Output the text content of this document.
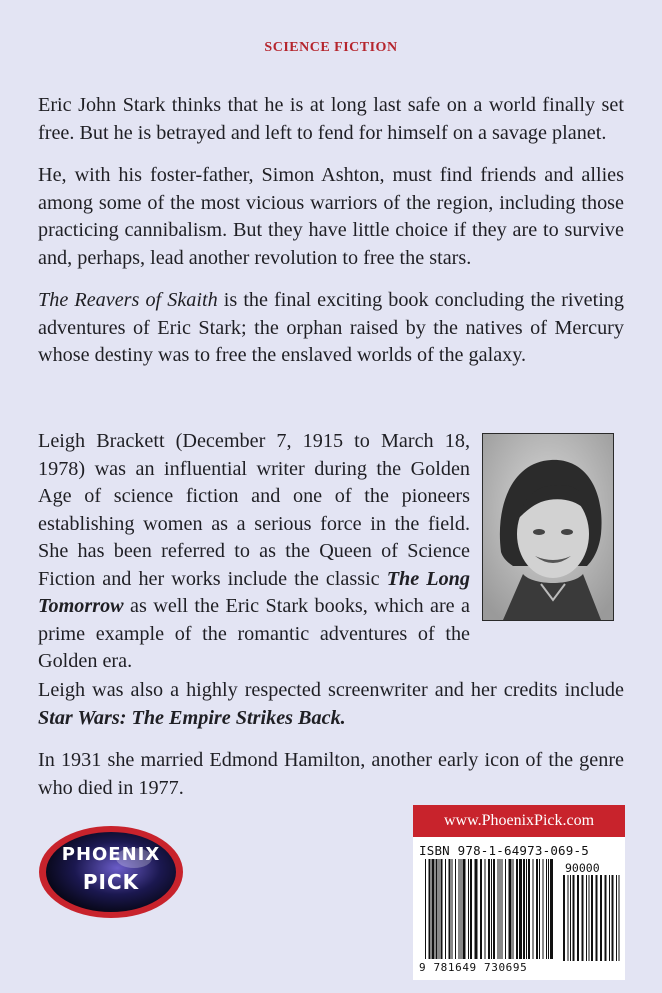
SCIENCE FICTION

Eric John Stark thinks that he is at long last safe on a world finally set free. But he is betrayed and left to fend for himself on a savage planet.

He, with his foster-father, Simon Ashton, must find friends and allies among some of the most vicious warriors of the region, including those practicing cannibalism. But they have little choice if they are to survive and, perhaps, lead another revolution to free the stars.

The Reavers of Skaith is the final exciting book concluding the riveting adventures of Eric Stark; the orphan raised by the natives of Mercury whose destiny was to free the enslaved worlds of the galaxy.

Leigh Brackett (December 7, 1915 to March 18, 1978) was an influential writer during the Golden Age of science fiction and one of the pioneers establishing women as a serious force in the field. She has been referred to as the Queen of Science Fiction and her works include the classic The Long Tomorrow as well the Eric Stark books, which are a prime example of the romantic adventures of the Golden era.

Leigh was also a highly respected screenwriter and her credits include Star Wars: The Empire Strikes Back.

In 1931 she married Edmond Hamilton, another early icon of the genre who died in 1977.

PHOENIX
PICK
www.PhoenixPick.com
ISBN 978-1-64973-069-5
90000
9 781649 730695
